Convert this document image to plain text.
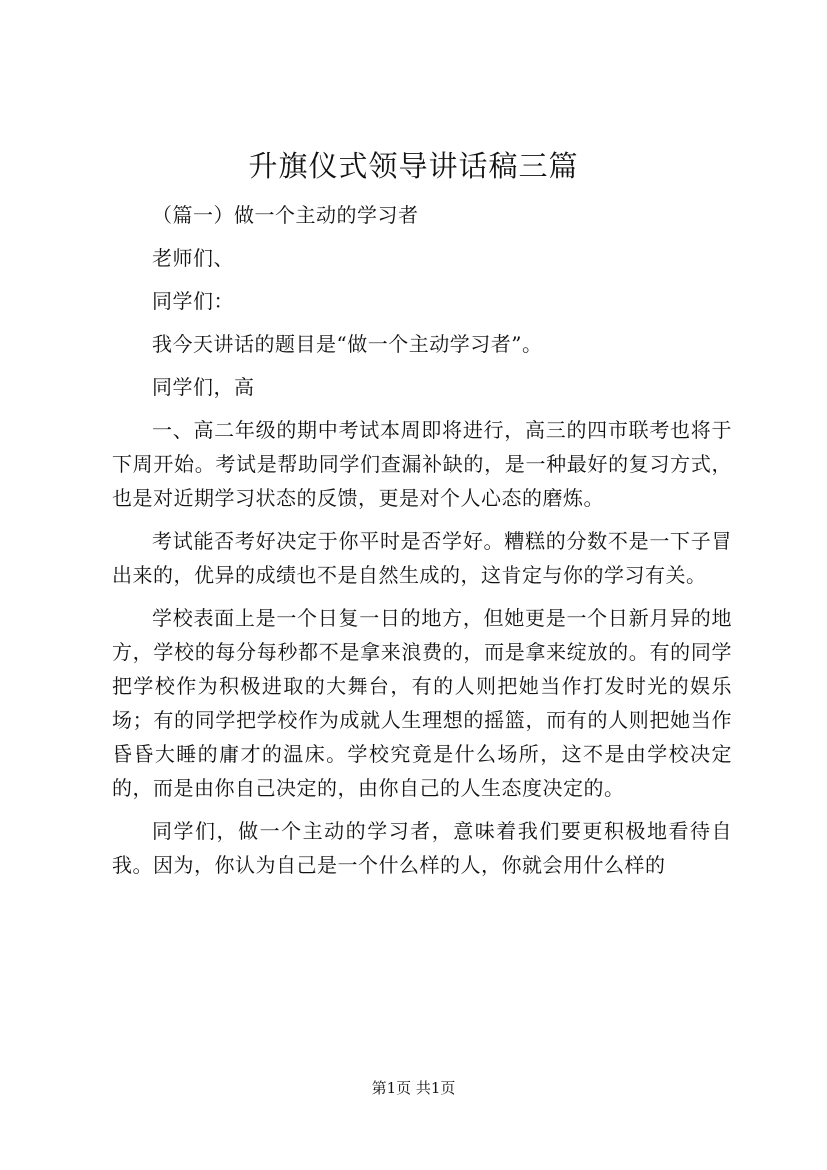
升旗仪式领导讲话稿三篇

（篇一）做一个主动的学习者

老师们、

同学们：

我今天讲话的题目是“做一个主动学习者”。

同学们，高

一、高二年级的期中考试本周即将进行，高三的四市联考也将于下周开始。考试是帮助同学们查漏补缺的，是一种最好的复习方式，也是对近期学习状态的反馈，更是对个人心态的磨炼。

考试能否考好决定于你平时是否学好。糟糕的分数不是一下子冒出来的，优异的成绩也不是自然生成的，这肯定与你的学习有关。

学校表面上是一个日复一日的地方，但她更是一个日新月异的地方，学校的每分每秒都不是拿来浪费的，而是拿来绽放的。有的同学把学校作为积极进取的大舞台，有的人则把她当作打发时光的娱乐场；有的同学把学校作为成就人生理想的摇篮，而有的人则把她当作昏昏大睡的庸才的温床。学校究竟是什么场所，这不是由学校决定的，而是由你自己决定的，由你自己的人生态度决定的。

同学们，做一个主动的学习者，意味着我们要更积极地看待自我。因为，你认为自己是一个什么样的人，你就会用什么样的

第1页 共1页
